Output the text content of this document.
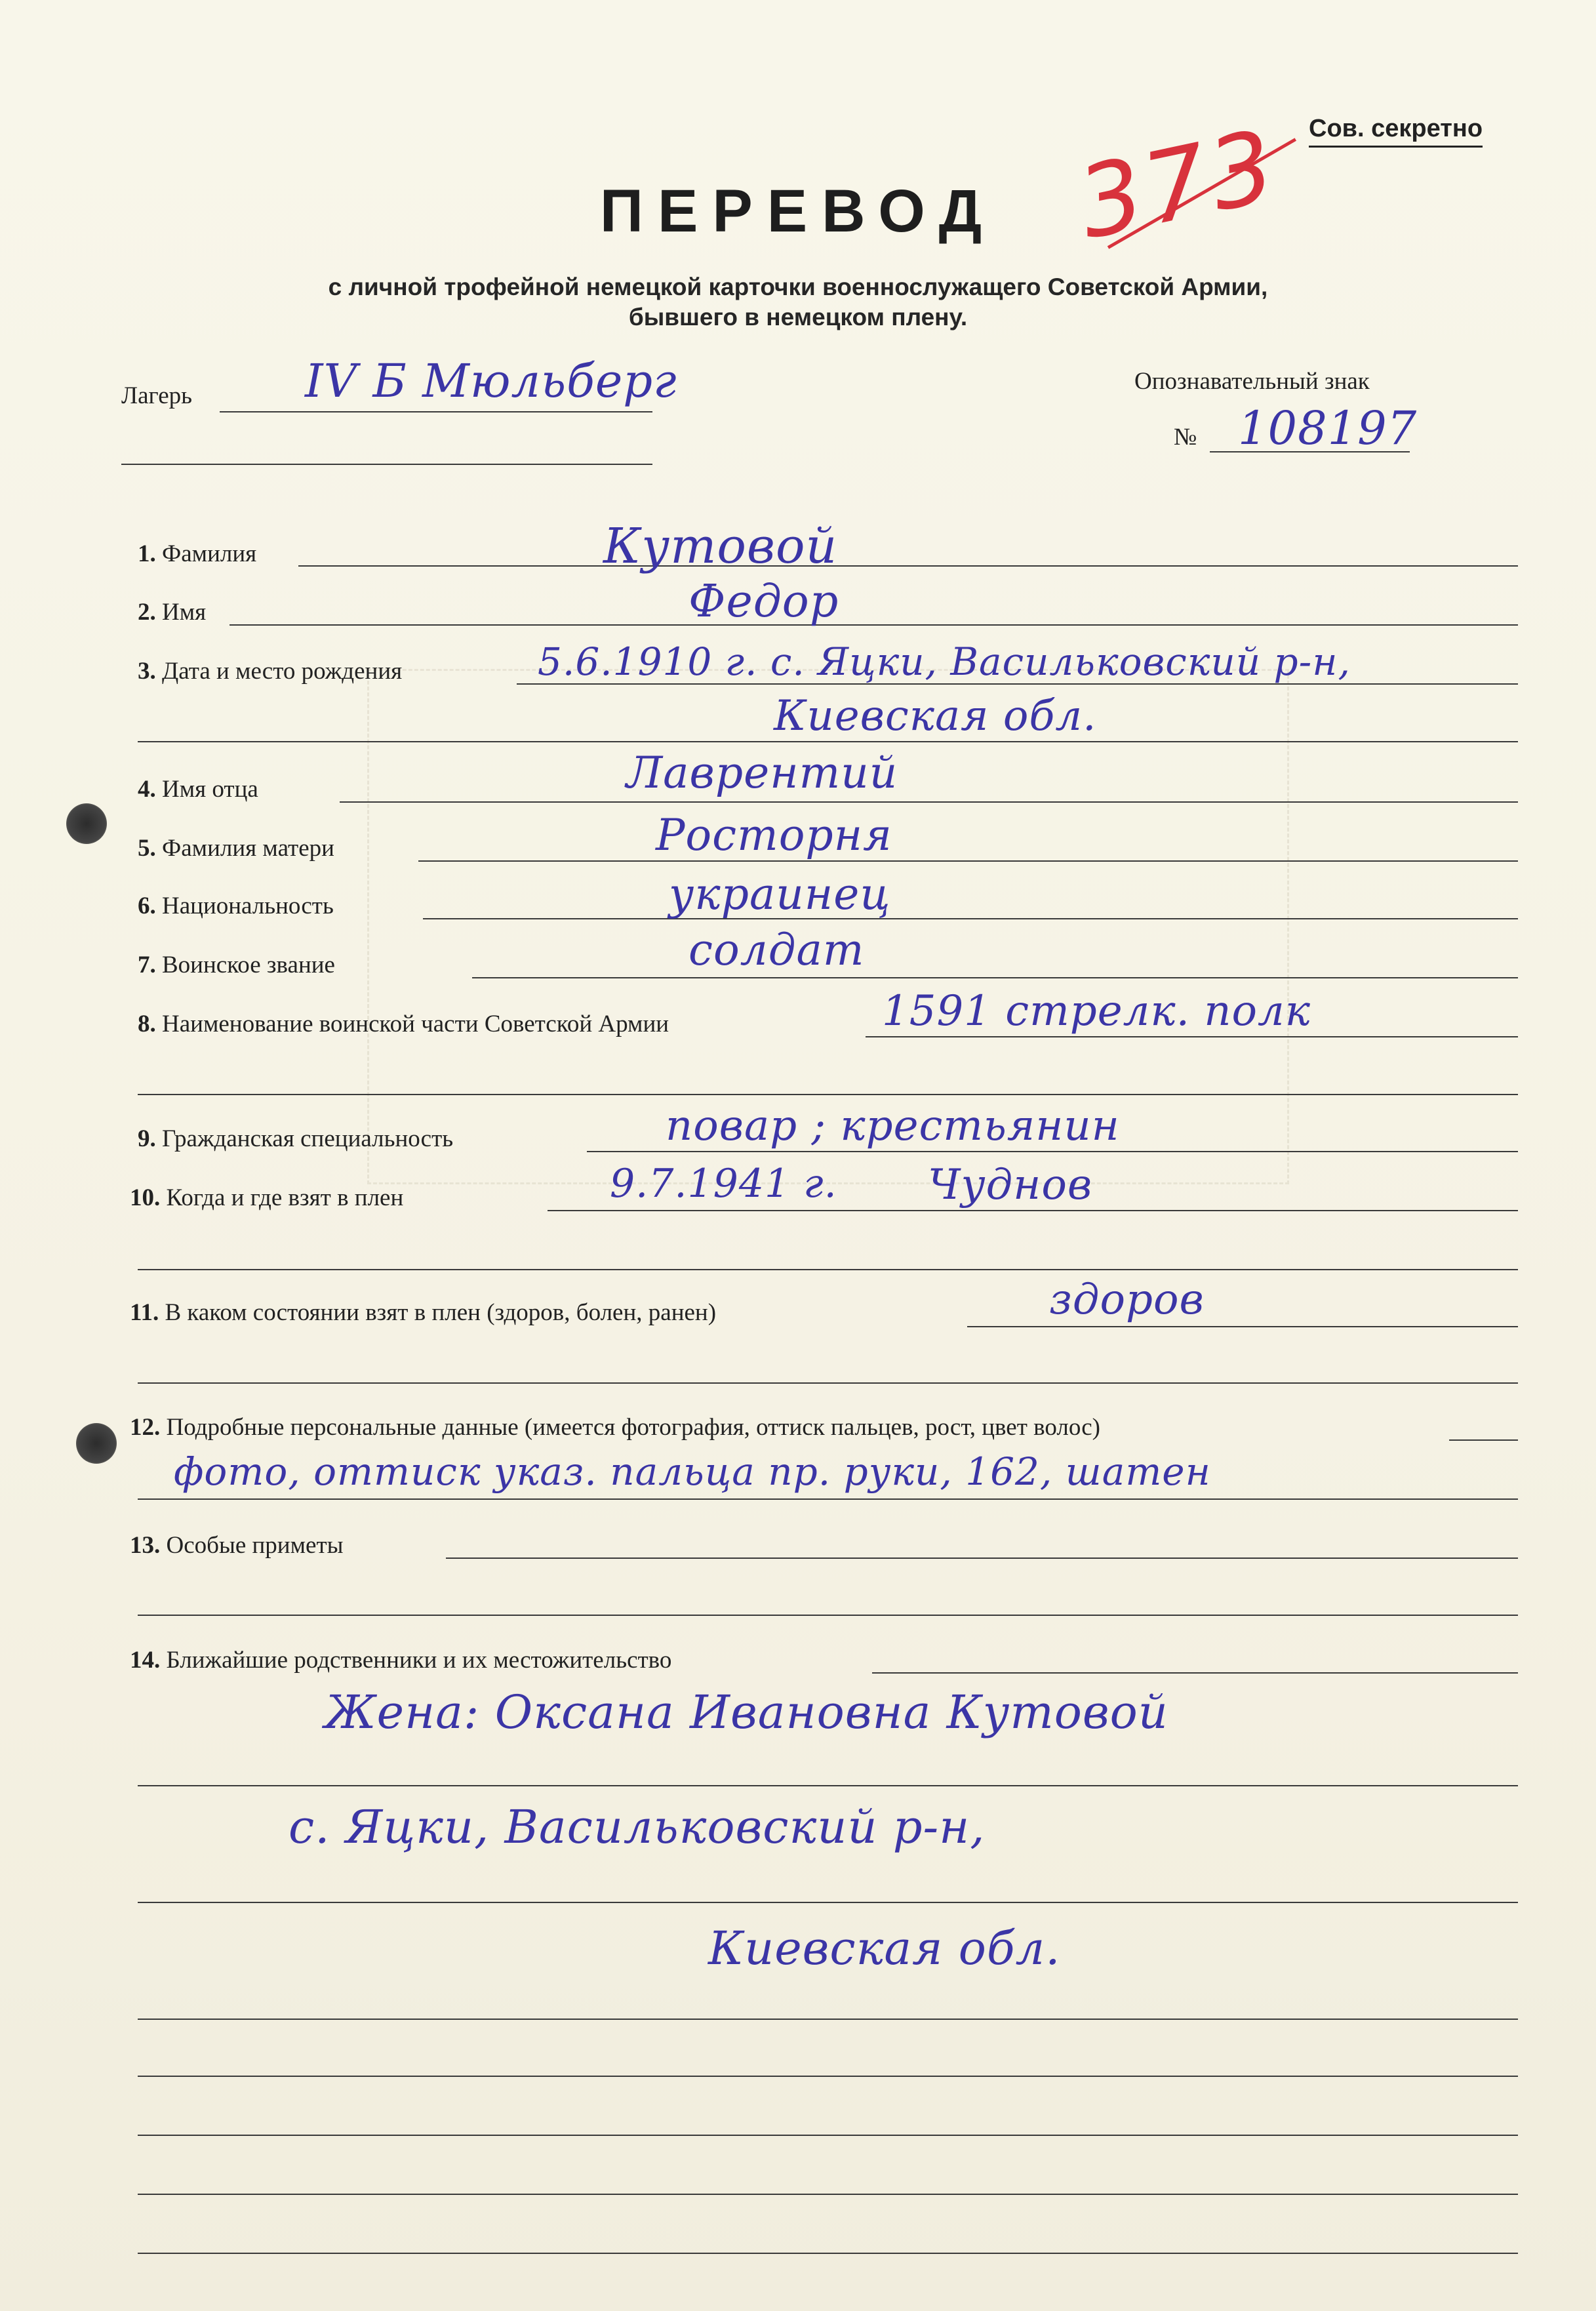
Сов. секретно
373
ПЕРЕВОД
с личной трофейной немецкой карточки военнослужащего Советской Армии,
бывшего в немецком плену.
Лагерь IV Б Мюльберг	Опознавательный знак
№ 108197
1. Фамилия	Кутовой
2. Имя	Федор
3. Дата и место рождения	5.6.1910 г. с. Яцки, Васильковский р-н,
Киевская обл.
4. Имя отца	Лаврентий
5. Фамилия матери	Росторня
6. Национальность	украинец
7. Воинское звание	солдат
8. Наименование воинской части Советской Армии	1591 стрелк. полк
9. Гражданская специальность	повар ; крестьянин
10. Когда и где взят в плен	9.7.1941 г. Чуднов
11. В каком состоянии взят в плен (здоров, болен, ранен)	здоров
12. Подробные персональные данные (имеется фотография, оттиск пальцев, рост, цвет волос)
фото, оттиск указ. пальца пр. руки, 162, шатен
13. Особые приметы
14. Ближайшие родственники и их местожительство
Жена: Оксана Ивановна Кутовой
с. Яцки, Васильковский р-н,
Киевская обл.
